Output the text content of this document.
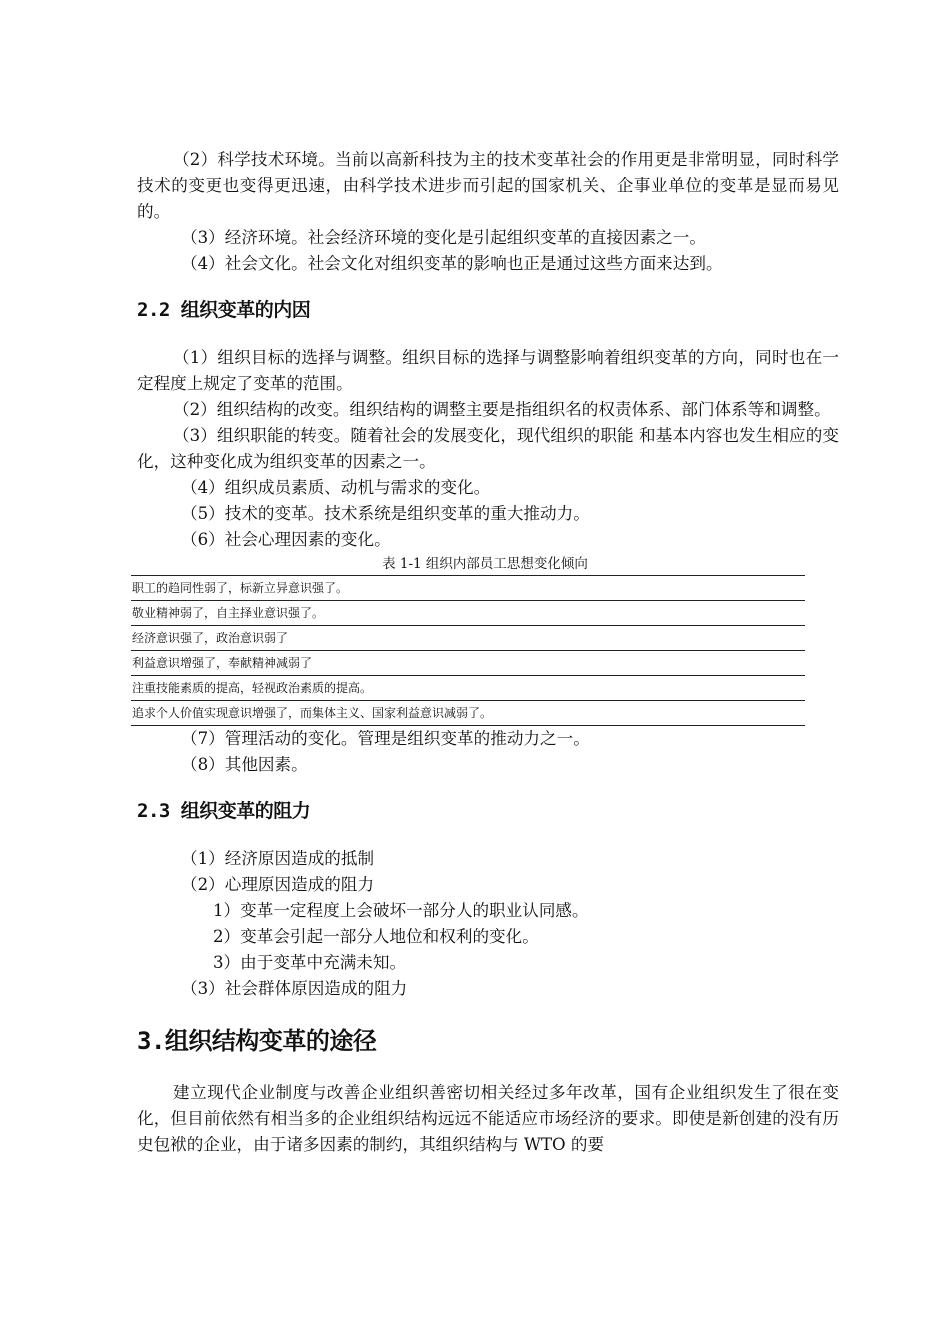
（2）科学技术环境。当前以高新科技为主的技术变革社会的作用更是非常明显，同时科学技术的变更也变得更迅速，由科学技术进步而引起的国家机关、企事业单位的变革是显而易见的。

（3）经济环境。社会经济环境的变化是引起组织变革的直接因素之一。

（4）社会文化。社会文化对组织变革的影响也正是通过这些方面来达到。

2.2 组织变革的内因

（1）组织目标的选择与调整。组织目标的选择与调整影响着组织变革的方向，同时也在一定程度上规定了变革的范围。

（2）组织结构的改变。组织结构的调整主要是指组织名的权责体系、部门体系等和调整。

（3）组织职能的转变。随着社会的发展变化，现代组织的职能 和基本内容也发生相应的变化，这种变化成为组织变革的因素之一。

（4）组织成员素质、动机与需求的变化。

（5）技术的变革。技术系统是组织变革的重大推动力。

（6）社会心理因素的变化。

表 1-1 组织内部员工思想变化倾向
职工的趋同性弱了，标新立异意识强了。
敬业精神弱了，自主择业意识强了。
经济意识强了，政治意识弱了
利益意识增强了，奉献精神减弱了
注重技能素质的提高，轻视政治素质的提高。
追求个人价值实现意识增强了，而集体主义、国家利益意识减弱了。

（7）管理活动的变化。管理是组织变革的推动力之一。

（8）其他因素。

2.3 组织变革的阻力

（1）经济原因造成的抵制

（2）心理原因造成的阻力

1）变革一定程度上会破坏一部分人的职业认同感。

2）变革会引起一部分人地位和权利的变化。

3）由于变革中充满未知。

（3）社会群体原因造成的阻力

3.组织结构变革的途径

建立现代企业制度与改善企业组织善密切相关经过多年改革，国有企业组织发生了很在变化，但目前依然有相当多的企业组织结构远远不能适应市场经济的要求。即使是新创建的没有历史包袱的企业，由于诸多因素的制约，其组织结构与 WTO 的要
